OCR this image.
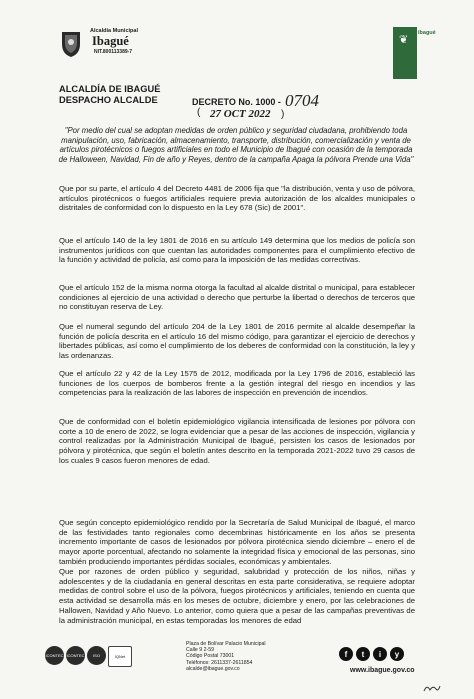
Alcaldía Municipal
Ibagué
NIT.800113389-7
❦
ibagué
ALCALDÍA DE IBAGUÉ
DESPACHO ALCALDE	DECRETO No. 1000 - 0704
( 27 OCT 2022 )
"Por medio del cual se adoptan medidas de orden público y seguridad ciudadana, prohibiendo toda manipulación, uso, fabricación, almacenamiento, transporte, distribución, comercialización y venta de artículos pirotécnicos o fuegos artificiales en todo el Municipio de Ibagué con ocasión de la temporada de Halloween, Navidad, Fin de año y Reyes, dentro de la campaña Apaga la pólvora Prende una Vida"
Que por su parte, el artículo 4 del Decreto 4481 de 2006 fija que "la distribución, venta y uso de pólvora, artículos pirotécnicos o fuegos artificiales requiere previa autorización de los alcaldes municipales o distritales de conformidad con lo dispuesto en la Ley 678 (Sic) de 2001".
Que el artículo 140 de la ley 1801 de 2016 en su artículo 149 determina que los medios de policía son instrumentos jurídicos con que cuentan las autoridades componentes para el cumplimiento efectivo de la función y actividad de policía, así como para la imposición de las medidas correctivas.
Que el artículo 152 de la misma norma otorga la facultad al alcalde distrital o municipal, para establecer condiciones al ejercicio de una actividad o derecho que perturbe la libertad o derechos de terceros que no constituyan reserva de Ley.
Que el numeral segundo del artículo 204 de la Ley 1801 de 2016 permite al alcalde desempeñar la función de policía descrita en el artículo 16 del mismo código, para garantizar el ejercicio de derechos y libertades públicas, así como el cumplimiento de los deberes de conformidad con la constitución, la ley y las ordenanzas.
Que el artículo 22 y 42 de la Ley 1575 de 2012, modificada por la Ley 1796 de 2016, estableció las funciones de los cuerpos de bomberos frente a la gestión integral del riesgo en incendios y las competencias para la realización de las labores de inspección en prevención de incendios.
Que de conformidad con el boletín epidemiológico vigilancia intensificada de lesiones por pólvora con corte a 10 de enero de 2022, se logra evidenciar que a pesar de las acciones de inspección, vigilancia y control realizadas por la Administración Municipal de Ibagué, persisten los casos de lesionados por pólvora y pirotécnica, que según el boletín antes descrito en la temporada 2021-2022 tuvo 29 casos de los cuales 9 casos fueron menores de edad.
Que según concepto epidemiológico rendido por la Secretaría de Salud Municipal de Ibagué, el marco de las festividades tanto regionales como decembrinas históricamente en los años se presenta incremento importante de casos de lesionados por pólvora pirotécnica siendo diciembre – enero el de mayor aporte porcentual, afectando no solamente la integridad física y emocional de las personas, sino también produciendo importantes pérdidas sociales, económicas y ambientales.
Que por razones de orden público y seguridad, salubridad y protección de los niños, niñas y adolescentes y de la ciudadanía en general descritas en esta parte considerativa, se requiere adoptar medidas de control sobre el uso de la pólvora, fuegos pirotécnicos y artificiales, teniendo en cuenta que esta actividad se desarrolla más en los meses de octubre, diciembre y enero, por las celebraciones de Hallowen, Navidad y Año Nuevo. Lo anterior, como quiera que a pesar de las campañas preventivas de la administración municipal, en estas temporadas los menores de edad
ICONTEC ICONTEC	ISO	IQNet
Plaza de Bolívar Palacio Municipal
Calle 9 2-59
Código Postal 73001
Teléfonos: 2611337-2611854
alcalde@ibague.gov.co
f	t	i	y
www.ibague.gov.co
